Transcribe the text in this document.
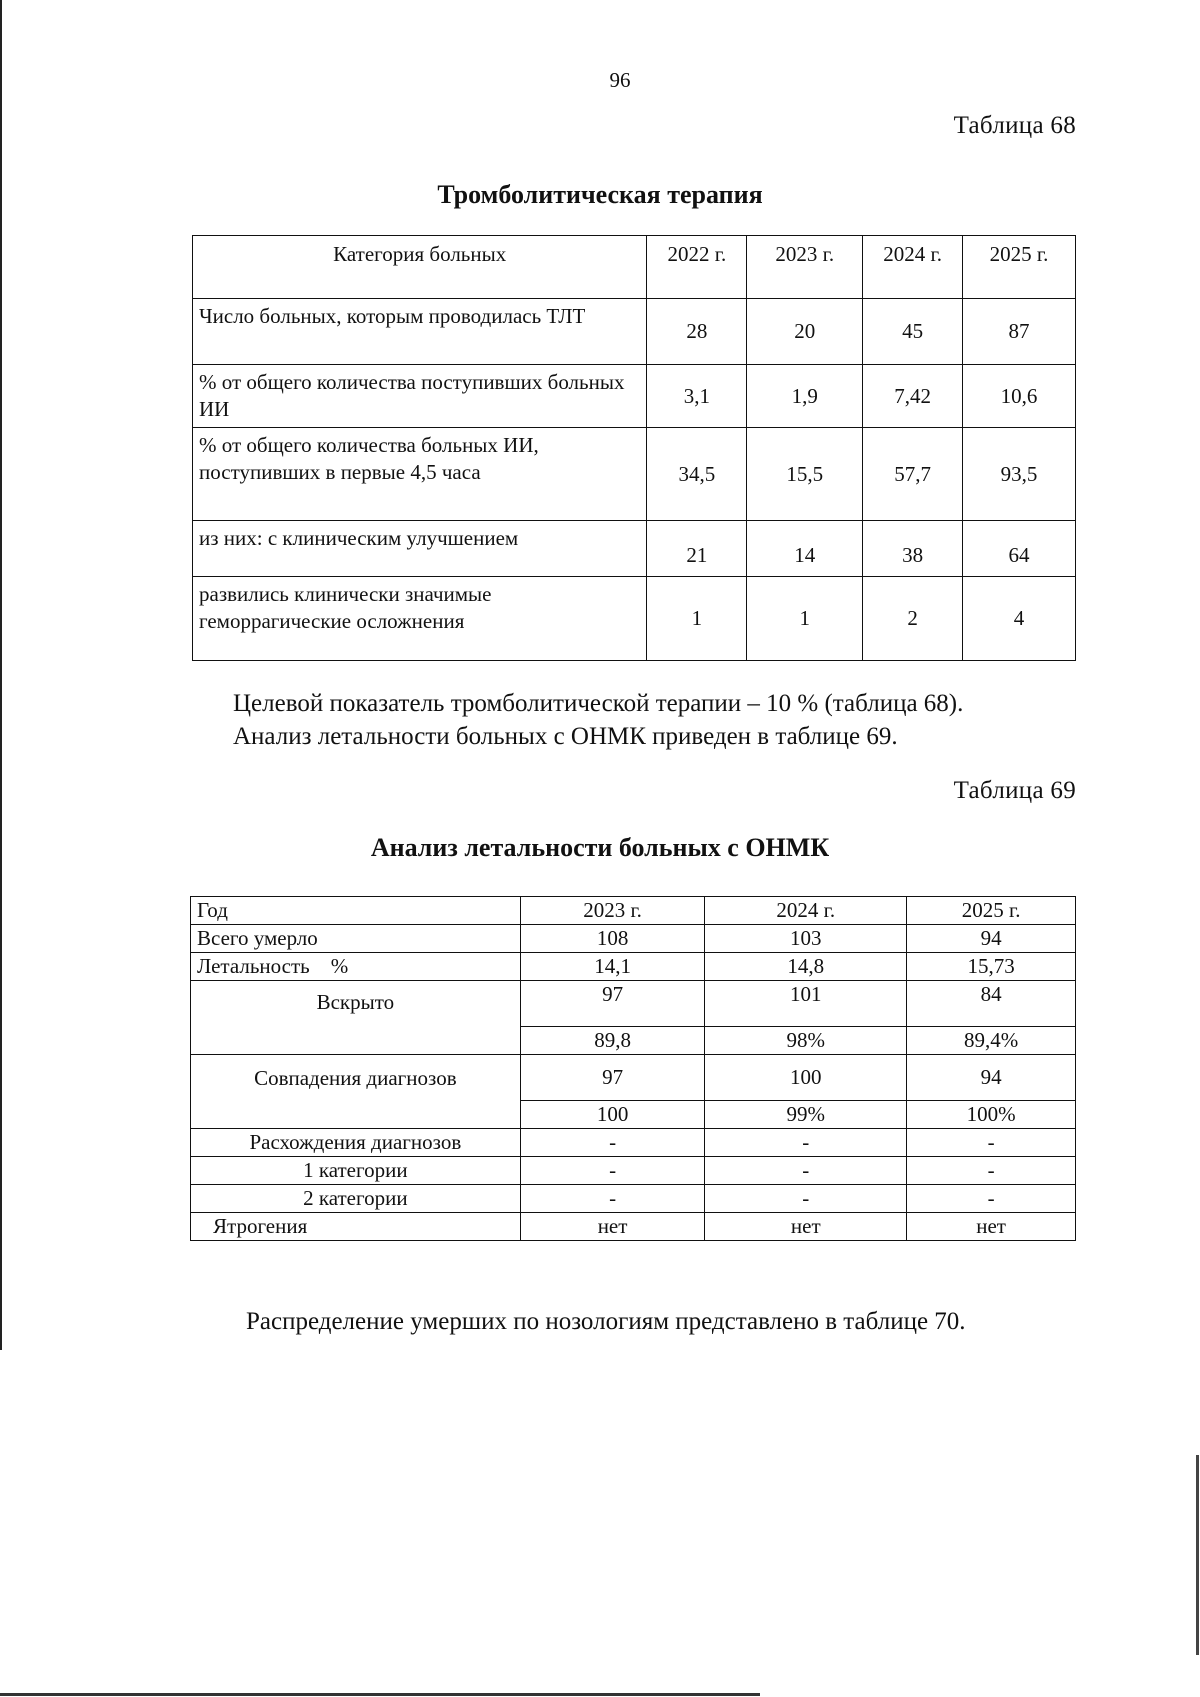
96
Таблица 68
Тромболитическая терапия
Категория больных	2022 г.	2023 г.	2024 г.	2025 г.
Число больных, которым проводилась ТЛТ	28	20	45	87
% от общего количества поступивших больных ИИ	3,1	1,9	7,42	10,6
% от общего количества больных ИИ, поступивших в первые 4,5 часа	34,5	15,5	57,7	93,5
из них: с клиническим улучшением	21	14	38	64
развились клинически значимые геморрагические осложнения	1	1	2	4
Целевой показатель тромболитической терапии – 10 % (таблица 68).
Анализ летальности больных с ОНМК приведен в таблице 69.
Таблица 69
Анализ летальности больных с ОНМК
Год	2023 г.	2024 г.	2025 г.
Всего умерло	108	103	94
Летальность    %	14,1	14,8	15,73
Вскрыто	97	101	84
	89,8	98%	89,4%
Совпадения диагнозов	97	100	94
	100	99%	100%
Расхождения диагнозов	-	-	-
1 категории	-	-	-
2 категории	-	-	-
Ятрогения	нет	нет	нет
Распределение умерших по нозологиям представлено в таблице 70.
